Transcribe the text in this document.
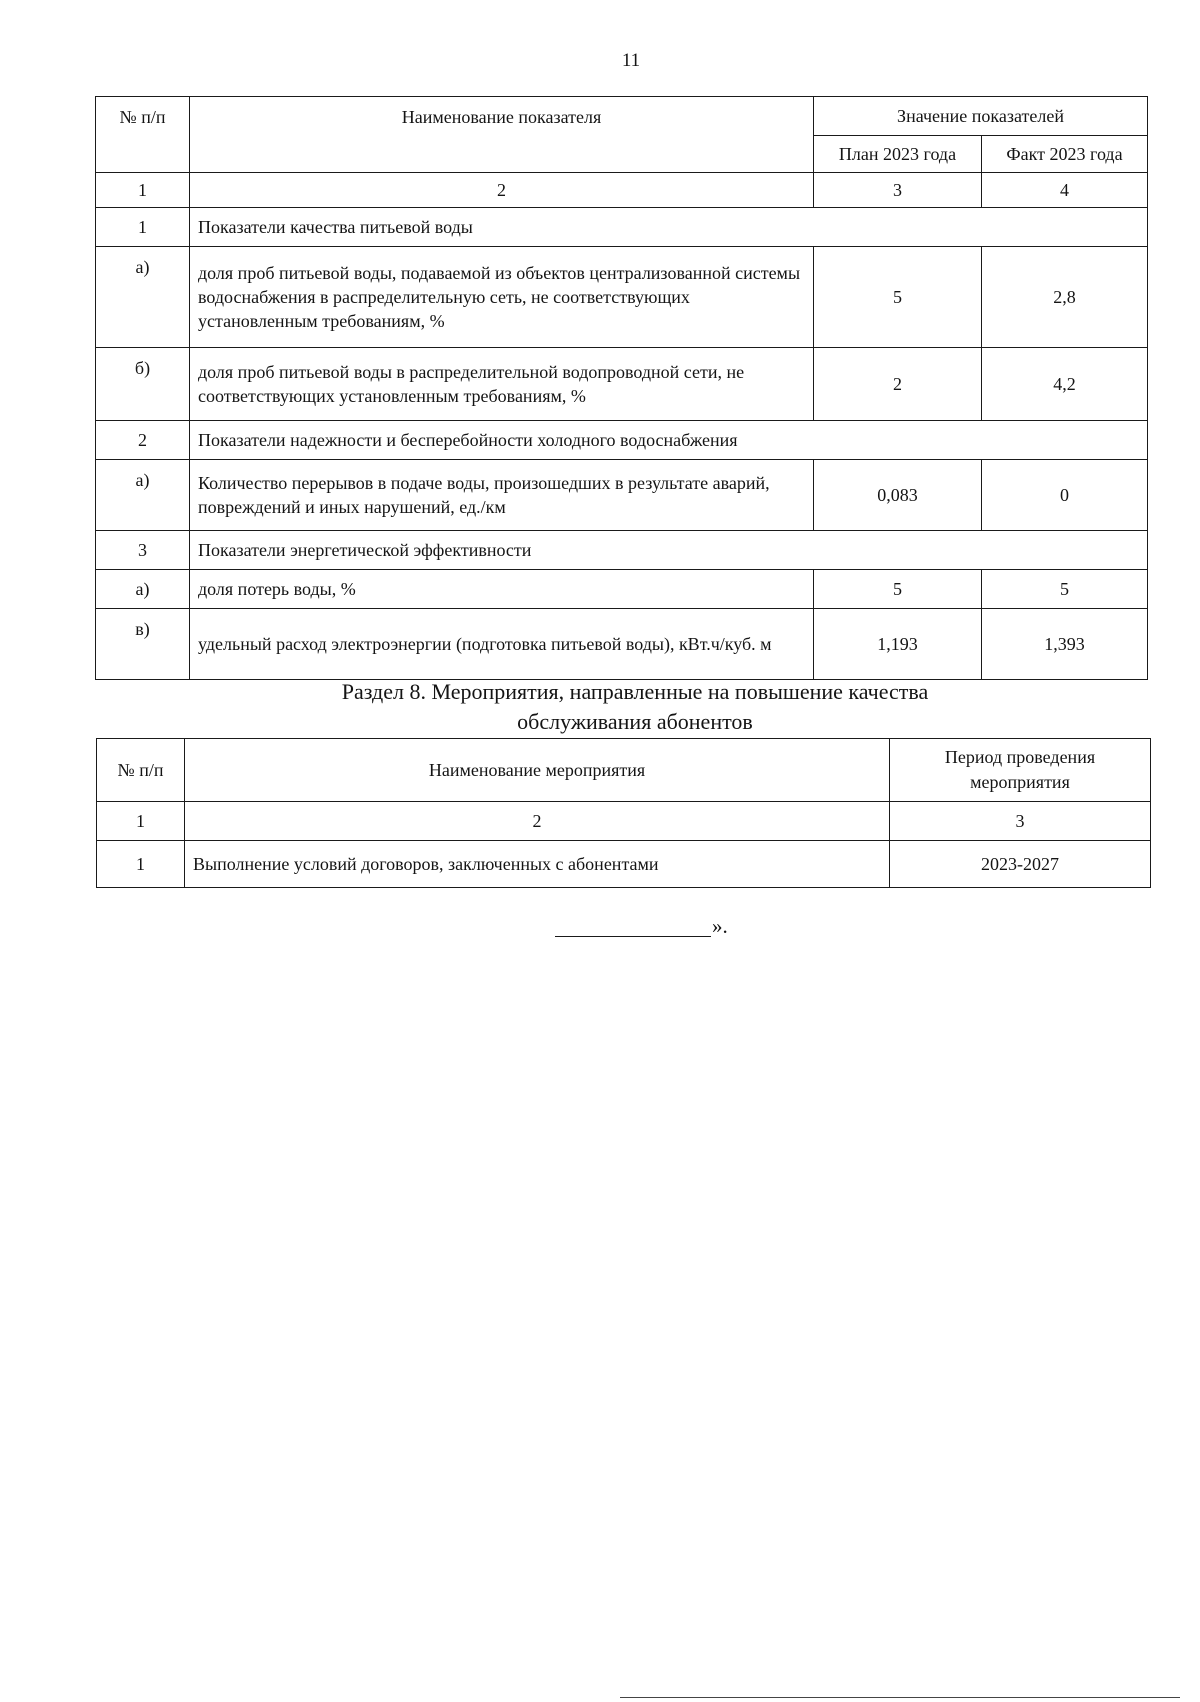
11
№ п/п	Наименование показателя	Значение показателей	
		План 2023 года	Факт 2023 года
1	2	3	4
1	Показатели качества питьевой воды		
а)	доля проб питьевой воды, подаваемой из объектов централизованной системы водоснабжения в распределительную сеть, не соответствующих установленным требованиям, %	5	2,8
б)	доля проб питьевой воды в распределительной водопроводной сети, не соответствующих установленным требованиям, %	2	4,2
2	Показатели надежности и бесперебойности холодного водоснабжения		
а)	Количество перерывов в подаче воды, произошедших в результате аварий, повреждений и иных нарушений, ед./км	0,083	0
3	Показатели энергетической эффективности		
а)	доля потерь воды, %	5	5
в)	удельный расход электроэнергии (подготовка питьевой воды), кВт.ч/куб. м	1,193	1,393
Раздел 8. Мероприятия, направленные на повышение качества
обслуживания абонентов
№ п/п	Наименование мероприятия	Период проведения мероприятия
1	2	3
1	Выполнение условий договоров, заключенных с абонентами	2023-2027
».
